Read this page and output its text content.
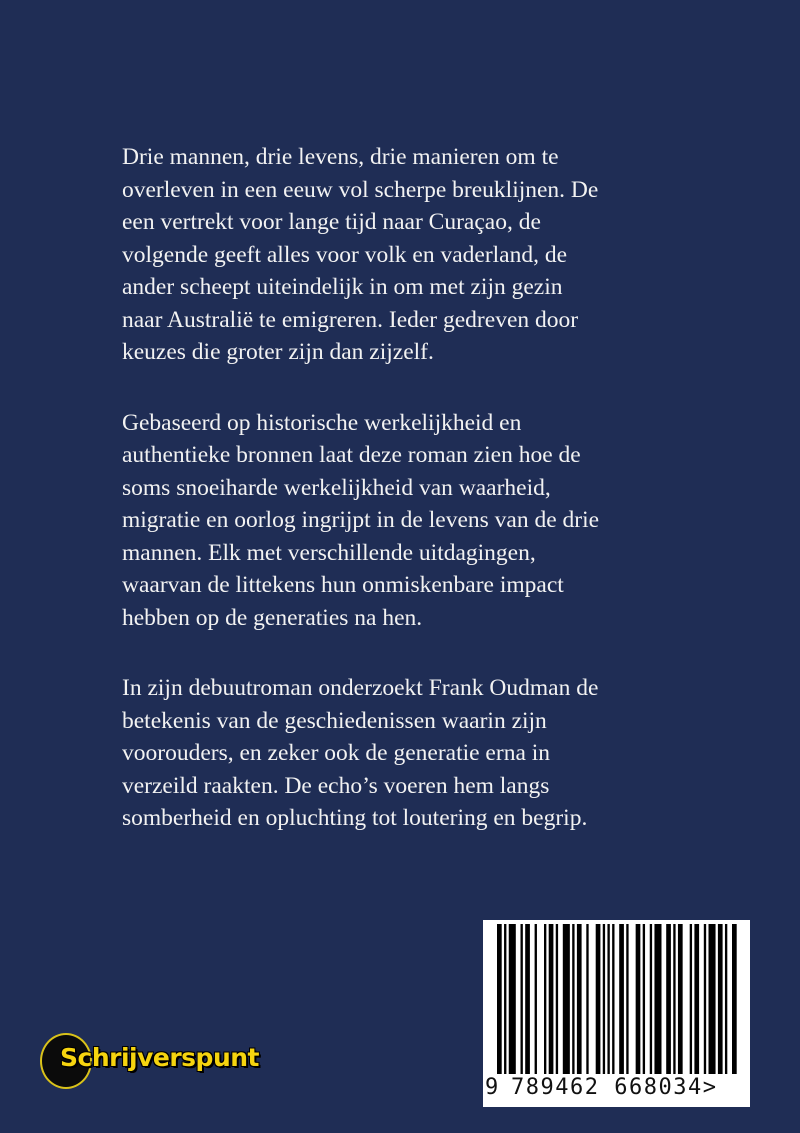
Drie mannen, drie levens, drie manieren om te
overleven in een eeuw vol scherpe breuklijnen. De
een vertrekt voor lange tijd naar Curaçao, de
volgende geeft alles voor volk en vaderland, de
ander scheept uiteindelijk in om met zijn gezin
naar Australië te emigreren. Ieder gedreven door
keuzes die groter zijn dan zijzelf.

Gebaseerd op historische werkelijkheid en
authentieke bronnen laat deze roman zien hoe de
soms snoeiharde werkelijkheid van waarheid,
migratie en oorlog ingrijpt in de levens van de drie
mannen. Elk met verschillende uitdagingen,
waarvan de littekens hun onmiskenbare impact
hebben op de generaties na hen.

In zijn debuutroman onderzoekt Frank Oudman de
betekenis van de geschiedenissen waarin zijn
voorouders, en zeker ook de generatie erna in
verzeild raakten. De echo’s voeren hem langs
somberheid en opluchting tot loutering en begrip.

9 789462 668034>
Schrijverspunt
